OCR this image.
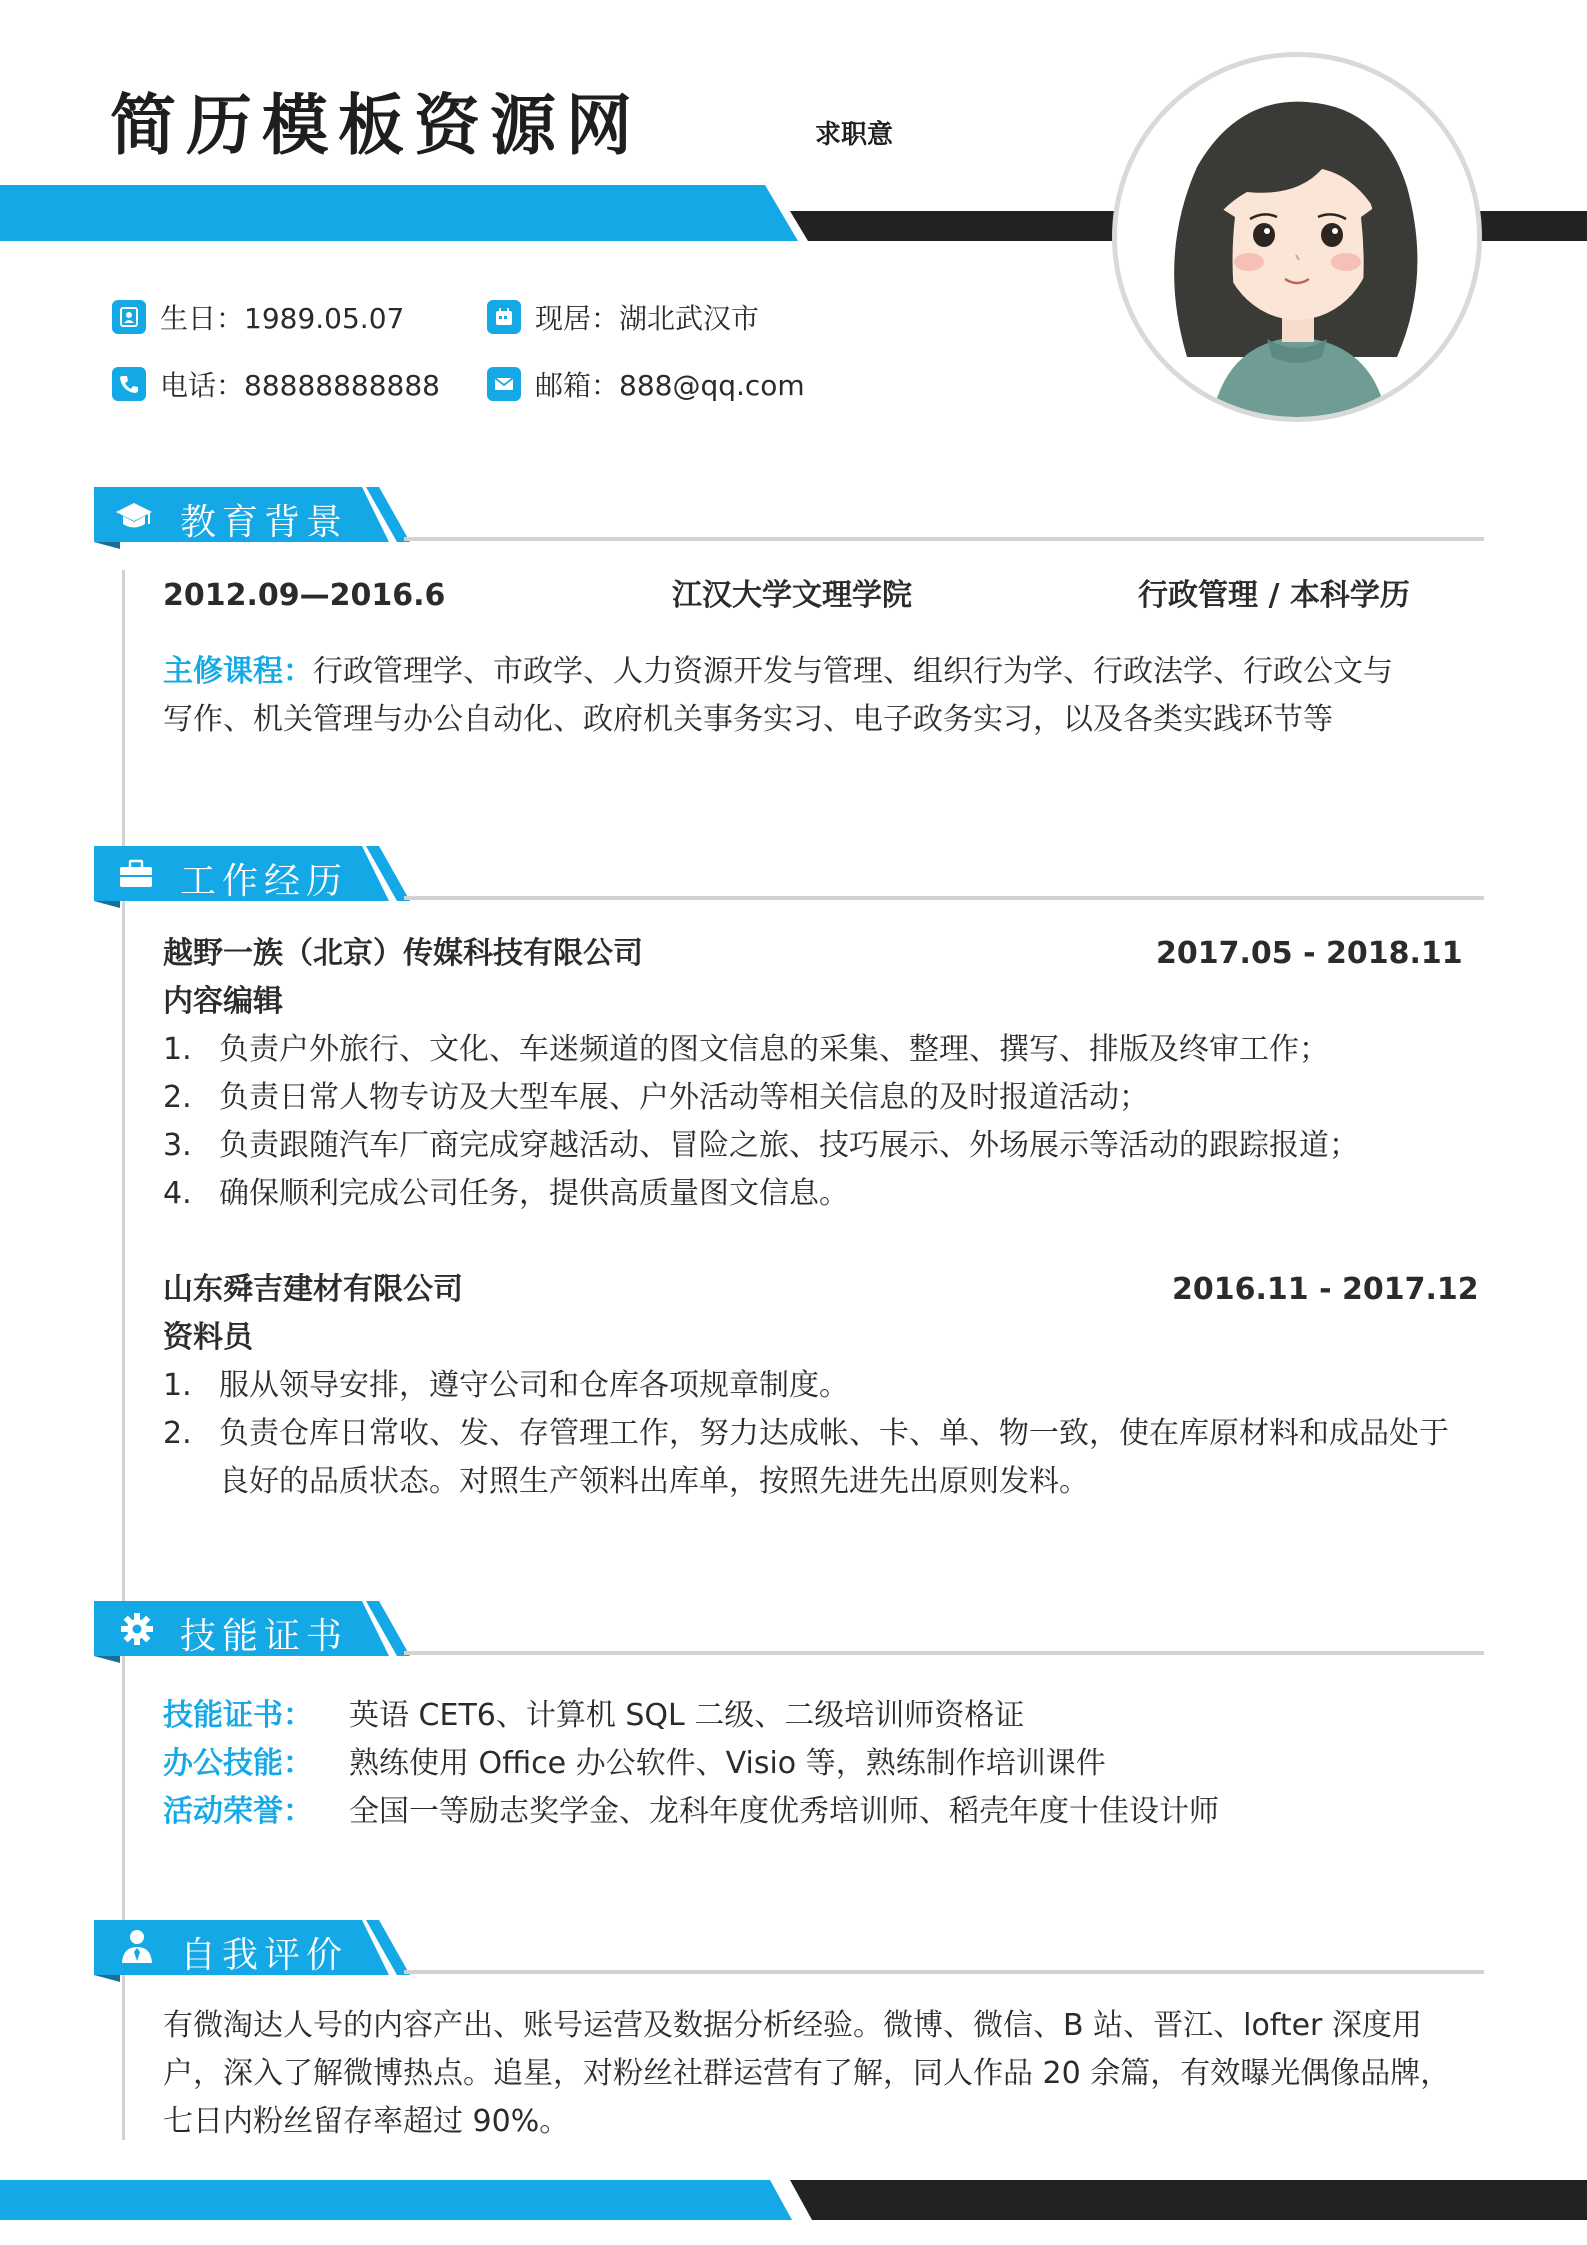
简历模板资源网	求职意
生日：1989.05.07
电话：88888888888
现居：湖北武汉市
邮箱：888@qq.com
教育背景
2012.09—2016.6	江汉大学文理学院	行政管理 / 本科学历
主修课程：行政管理学、市政学、人力资源开发与管理、组织行为学、行政法学、行政公文与
写作、机关管理与办公自动化、政府机关事务实习、电子政务实习，以及各类实践环节等
工作经历
越野一族（北京）传媒科技有限公司	2017.05 - 2018.11
内容编辑
1. 负责户外旅行、文化、车迷频道的图文信息的采集、整理、撰写、排版及终审工作；
2. 负责日常人物专访及大型车展、户外活动等相关信息的及时报道活动；
3. 负责跟随汽车厂商完成穿越活动、冒险之旅、技巧展示、外场展示等活动的跟踪报道；
4. 确保顺利完成公司任务，提供高质量图文信息。
山东舜吉建材有限公司	2016.11 - 2017.12
资料员
1. 服从领导安排，遵守公司和仓库各项规章制度。
2. 负责仓库日常收、发、存管理工作，努力达成帐、卡、单、物一致，使在库原材料和成品处于良好的品质状态。对照生产领料出库单，按照先进先出原则发料。
技能证书
技能证书： 英语 CET6、计算机 SQL 二级、二级培训师资格证
办公技能： 熟练使用 Office 办公软件、Visio 等，熟练制作培训课件
活动荣誉： 全国一等励志奖学金、龙科年度优秀培训师、稻壳年度十佳设计师
自我评价
有微淘达人号的内容产出、账号运营及数据分析经验。微博、微信、B 站、晋江、lofter 深度用户，深入了解微博热点。追星，对粉丝社群运营有了解，同人作品 20 余篇，有效曝光偶像品牌，七日内粉丝留存率超过 90%。
